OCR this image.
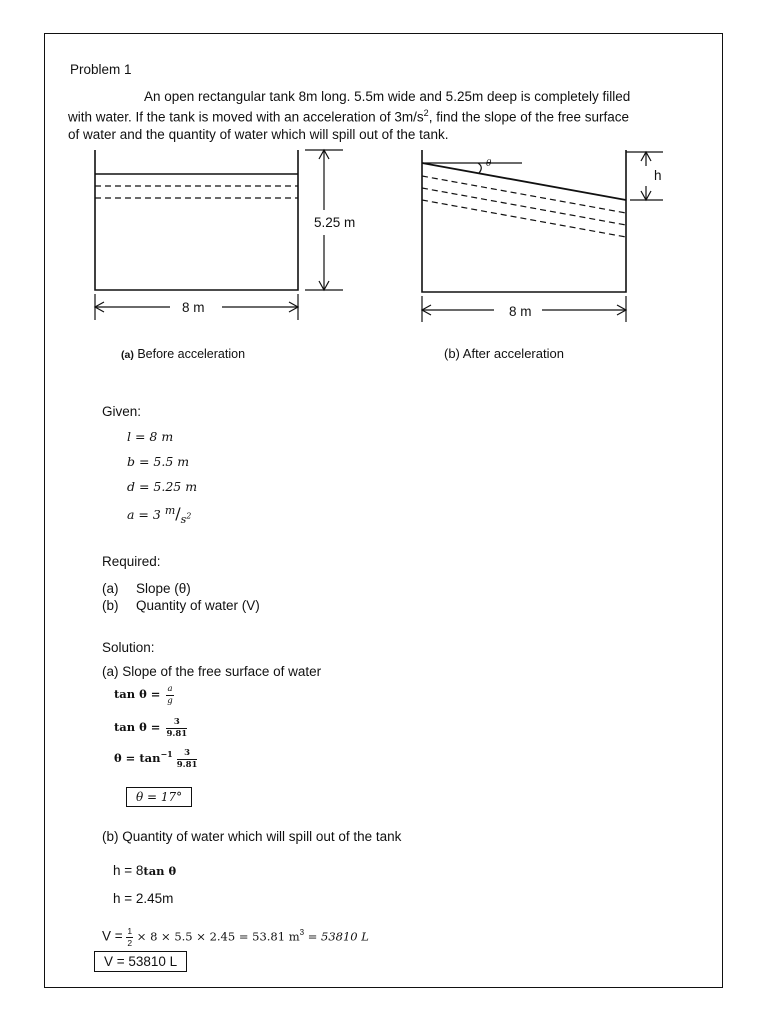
Problem 1
An open rectangular tank 8m long. 5.5m wide and 5.25m deep is completely filled
with water. If the tank is moved with an acceleration of $3m/s^2$, find the slope of the free surface
of water and the quantity of water which will spill out of the tank.
5.25 m
8 m
θ
h
8 m
(a) Before acceleration	(b) After acceleration
Given:
l = 8 m
b = 5.5 m
d = 5.25 m
a = 3 $^m/_{s^2}$
Required:
(a) Slope (θ)
(b) Quantity of water (V)
Solution:
(a) Slope of the free surface of water
$\tan \theta = \frac{a}{g}$
$\tan \theta = \frac{3}{9.81}$
$\theta = \tan^{-1} \frac{3}{9.81}$
θ = 17°
(b) Quantity of water which will spill out of the tank
h = 8tan θ
h = 2.45m
$V = \frac{1}{2} \times 8 \times 5.5 \times 2.45 = 53.81$ $m^3 = 53810$ L
V = 53810 L
